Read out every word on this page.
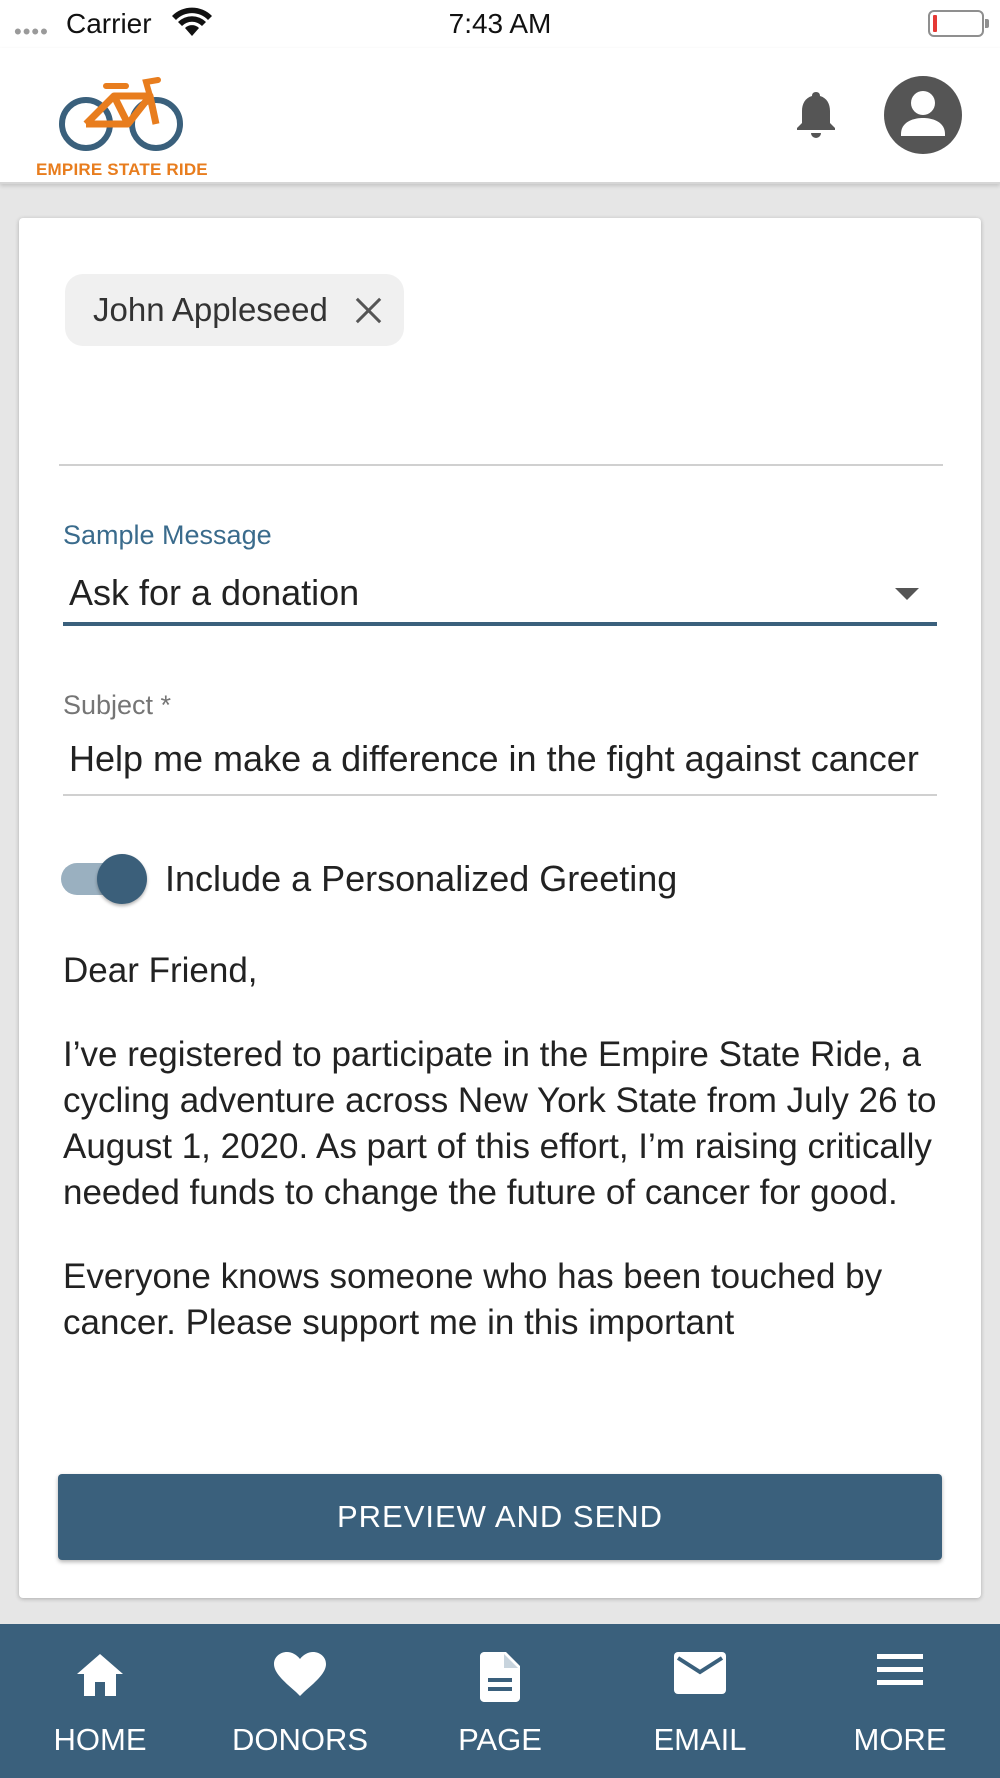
•••• Carrier	7:43 AM
EMPIRE STATE RIDE
John Appleseed
Sample Message
Ask for a donation
Subject *
Help me make a difference in the fight against cancer
Include a Personalized Greeting

Dear Friend,

I’ve registered to participate in the Empire State Ride, a cycling adventure across New York State from July 26 to August 1, 2020. As part of this effort, I’m raising critically needed funds to change the future of cancer for good.

Everyone knows someone who has been touched by cancer. Please support me in this important

PREVIEW AND SEND
HOME	DONORS	PAGE	EMAIL	MORE
